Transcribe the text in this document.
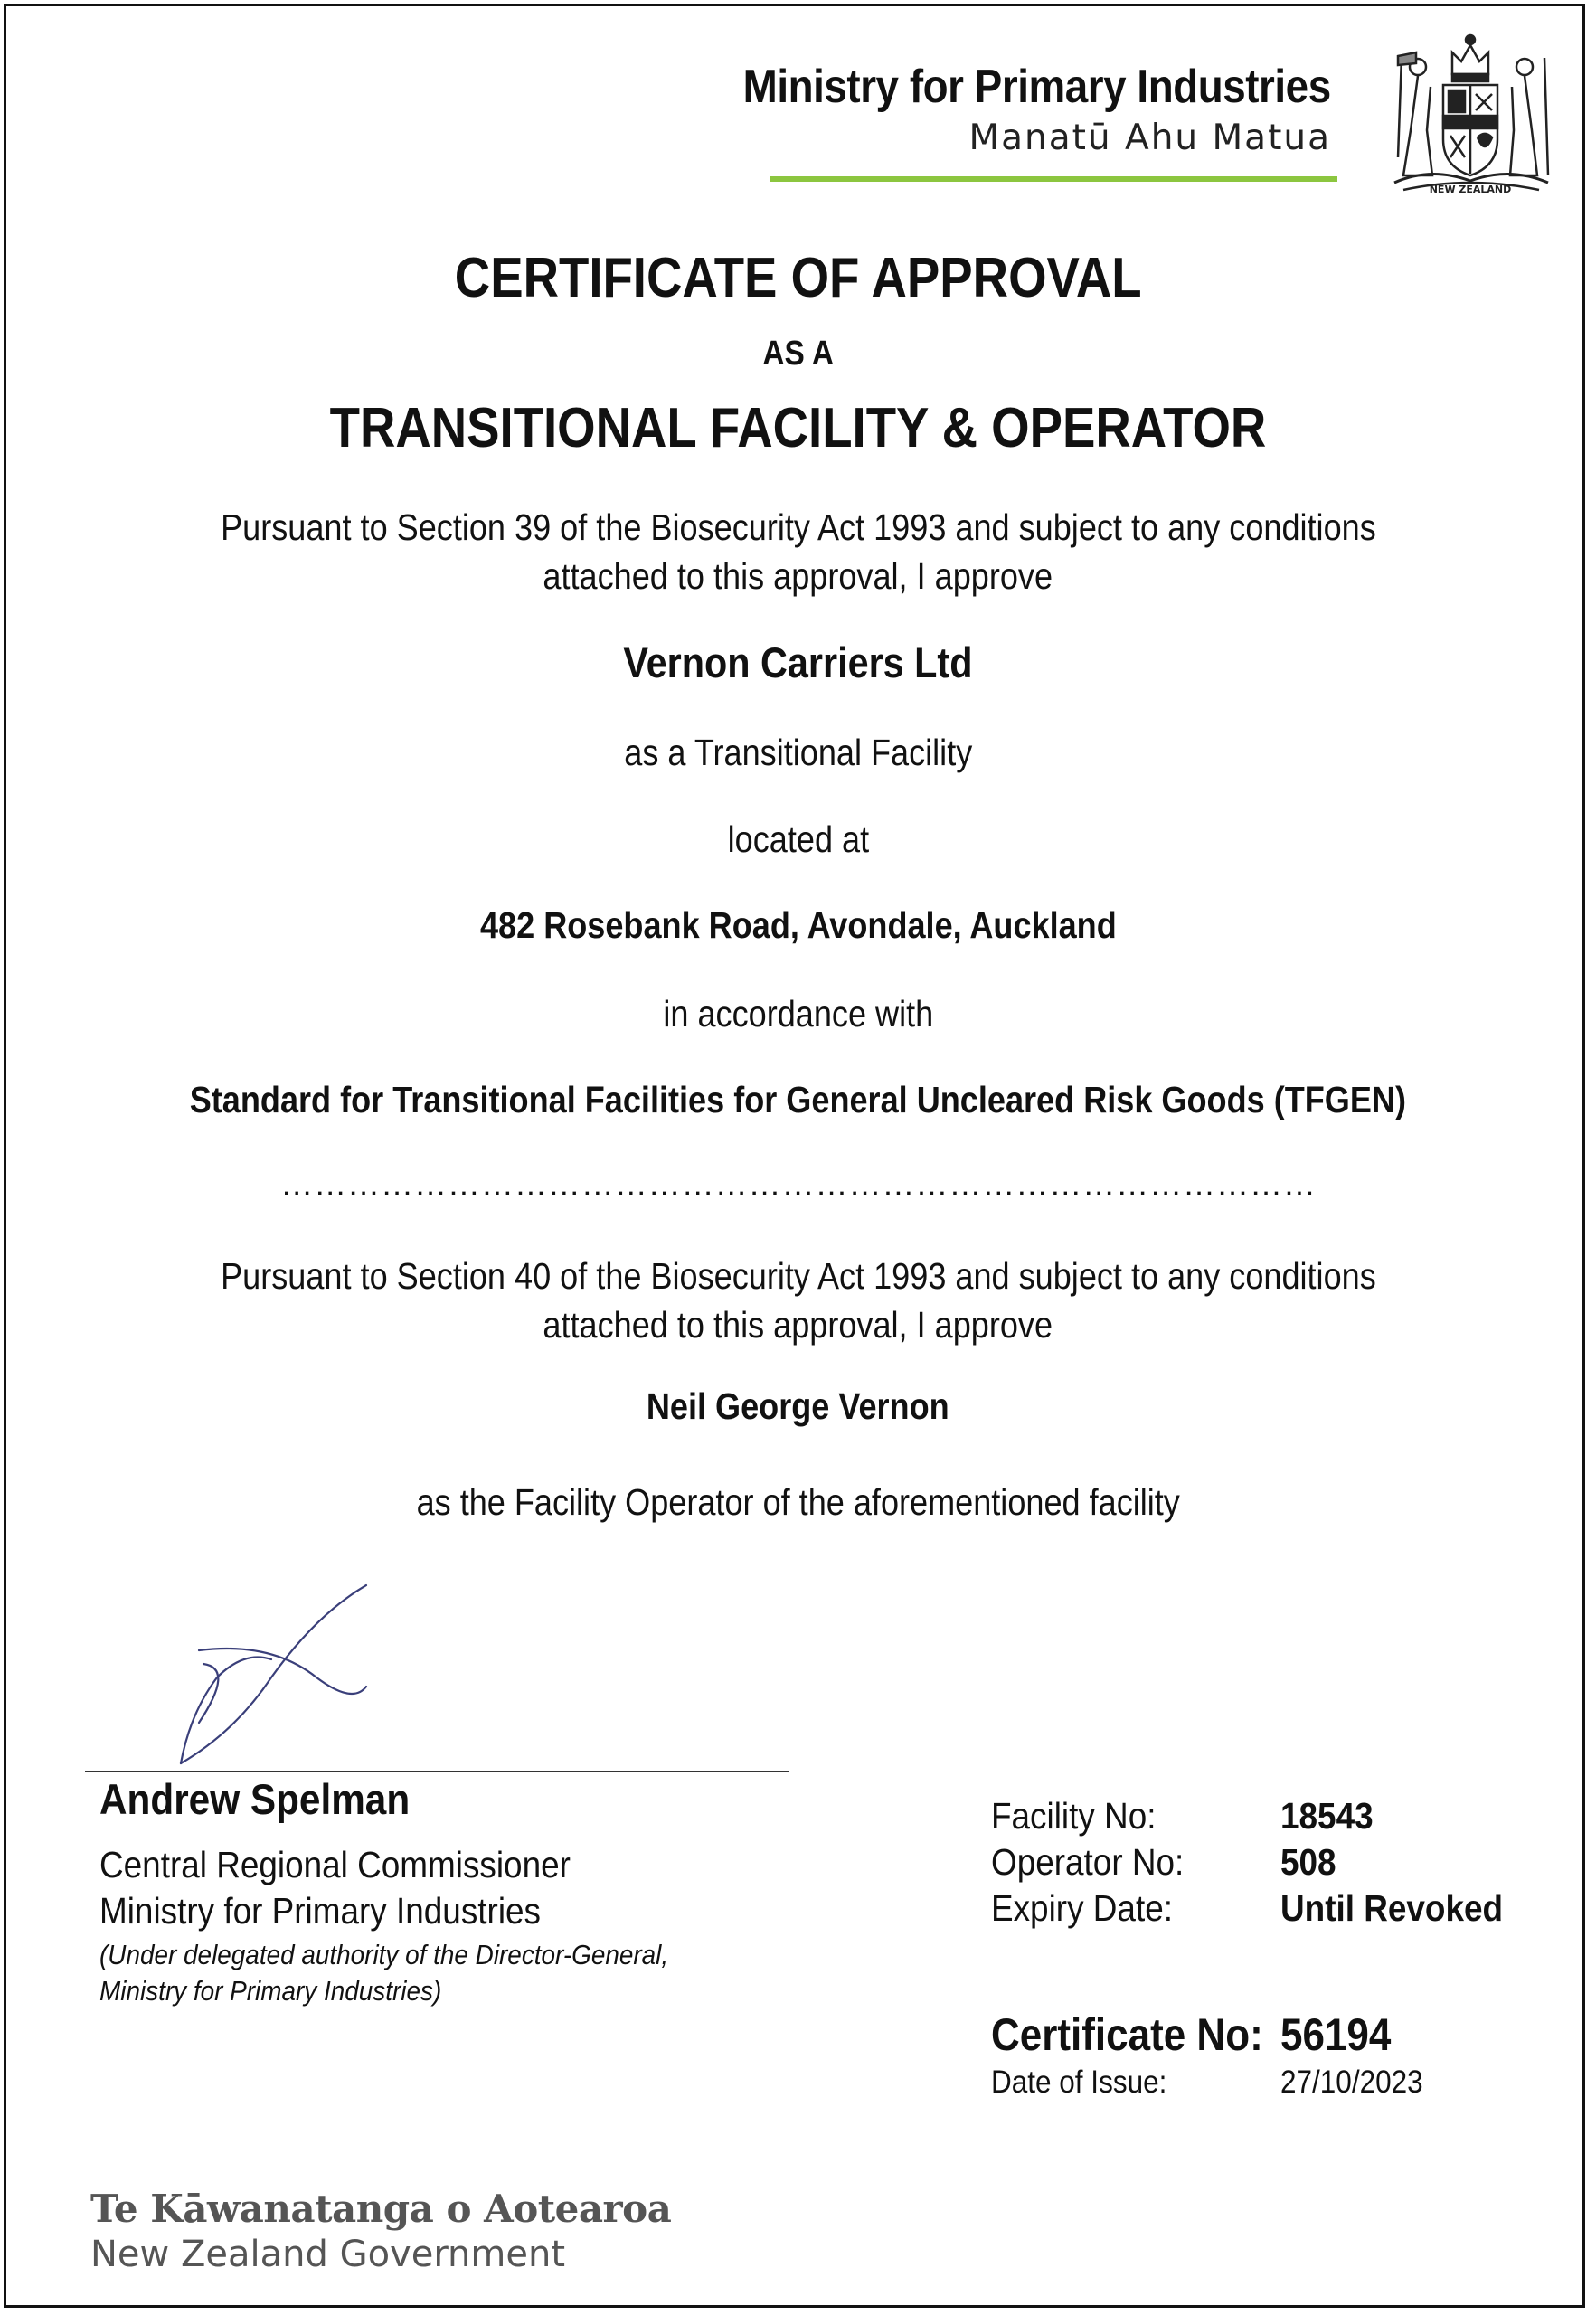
Ministry for Primary Industries
Manatū Ahu Matua
NEW ZEALAND
CERTIFICATE OF APPROVAL
AS A
TRANSITIONAL FACILITY & OPERATOR
Pursuant to Section 39 of the Biosecurity Act 1993 and subject to any conditions
attached to this approval, I approve
Vernon Carriers Ltd
as a Transitional Facility
located at
482 Rosebank Road, Avondale, Auckland
in accordance with
Standard for Transitional Facilities for General Uncleared Risk Goods (TFGEN)
…………………………………………………………………………………
Pursuant to Section 40 of the Biosecurity Act 1993 and subject to any conditions
attached to this approval, I approve
Neil George Vernon
as the Facility Operator of the aforementioned facility
Andrew Spelman
Central Regional Commissioner
Ministry for Primary Industries
(Under delegated authority of the Director-General,
Ministry for Primary Industries)
Facility No:	18543
Operator No:	508
Expiry Date:	Until Revoked
Certificate No: 56194
Date of Issue:	27/10/2023
Te Kāwanatanga o Aotearoa
New Zealand Government
